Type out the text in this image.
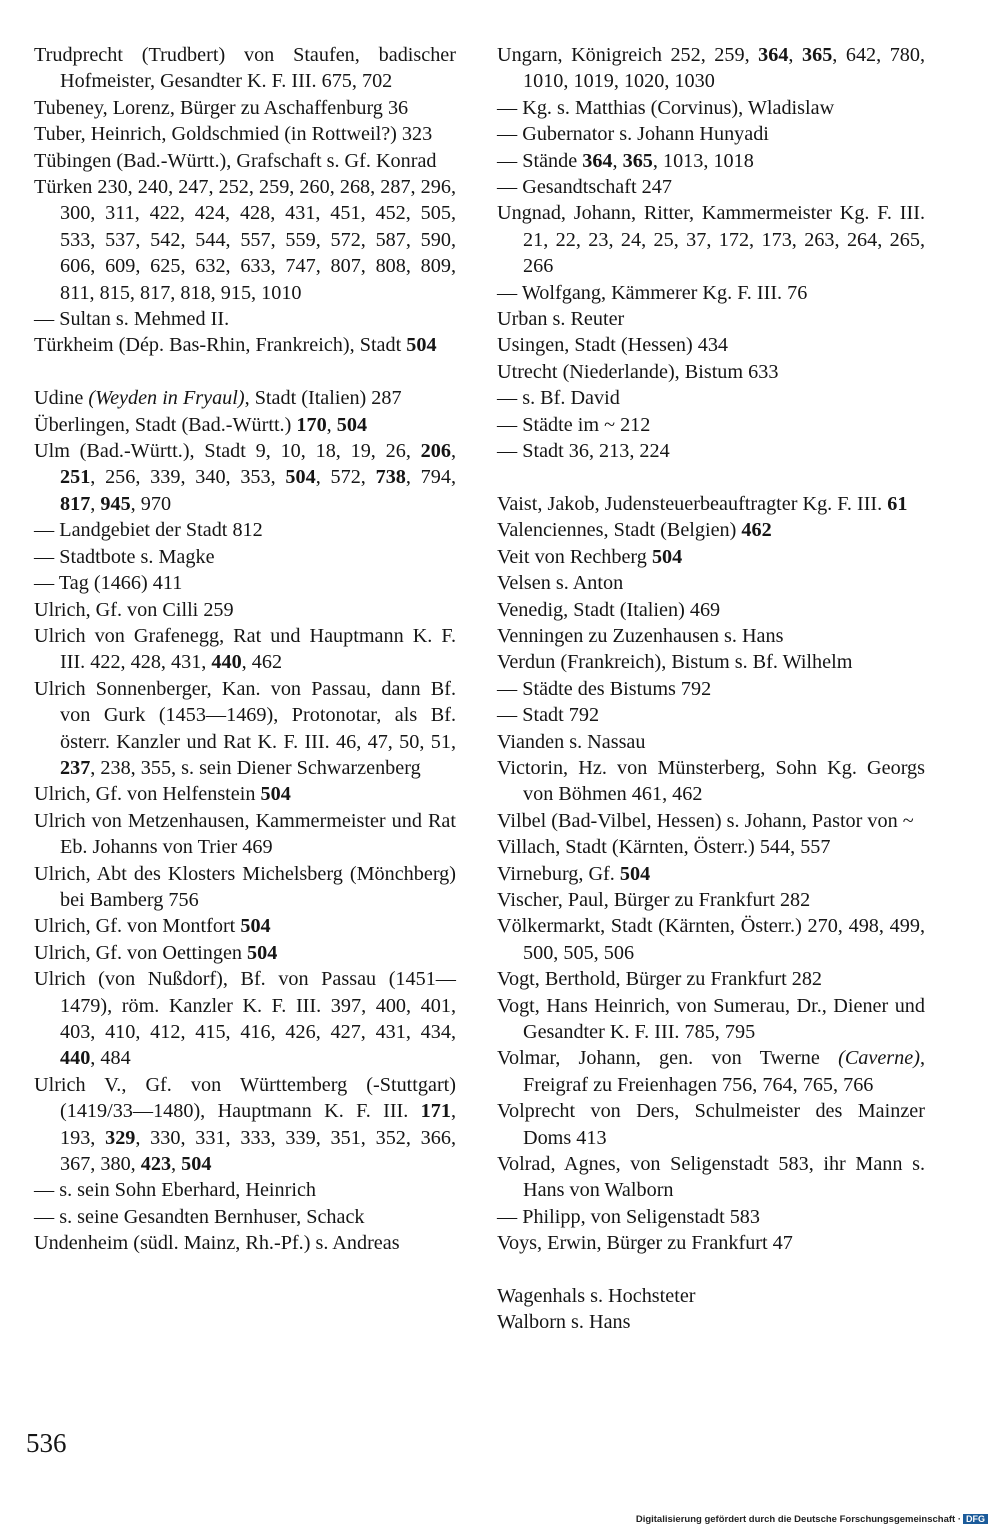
Trudprecht (Trudbert) von Staufen, badischer Hofmeister, Gesandter K. F. III. 675, 702
Tubeney, Lorenz, Bürger zu Aschaffenburg 36
Tuber, Heinrich, Goldschmied (in Rottweil?) 323
Tübingen (Bad.-Württ.), Grafschaft s. Gf. Konrad
Türken 230, 240, 247, 252, 259, 260, 268, 287, 296, 300, 311, 422, 424, 428, 431, 451, 452, 505, 533, 537, 542, 544, 557, 559, 572, 587, 590, 606, 609, 625, 632, 633, 747, 807, 808, 809, 811, 815, 817, 818, 915, 1010
— Sultan s. Mehmed II.
Türkheim (Dép. Bas-Rhin, Frankreich), Stadt 504
Udine (Weyden in Fryaul), Stadt (Italien) 287
Überlingen, Stadt (Bad.-Württ.) 170, 504
Ulm (Bad.-Württ.), Stadt 9, 10, 18, 19, 26, 206, 251, 256, 339, 340, 353, 504, 572, 738, 794, 817, 945, 970
— Landgebiet der Stadt 812
— Stadtbote s. Magke
— Tag (1466) 411
Ulrich, Gf. von Cilli 259
Ulrich von Grafenegg, Rat und Hauptmann K. F. III. 422, 428, 431, 440, 462
Ulrich Sonnenberger, Kan. von Passau, dann Bf. von Gurk (1453—1469), Protonotar, als Bf. österr. Kanzler und Rat K. F. III. 46, 47, 50, 51, 237, 238, 355, s. sein Diener Schwarzenberg
Ulrich, Gf. von Helfenstein 504
Ulrich von Metzenhausen, Kammermeister und Rat Eb. Johanns von Trier 469
Ulrich, Abt des Klosters Michelsberg (Mönchberg) bei Bamberg 756
Ulrich, Gf. von Montfort 504
Ulrich, Gf. von Oettingen 504
Ulrich (von Nußdorf), Bf. von Passau (1451—1479), röm. Kanzler K. F. III. 397, 400, 401, 403, 410, 412, 415, 416, 426, 427, 431, 434, 440, 484
Ulrich V., Gf. von Württemberg (-Stuttgart) (1419/33—1480), Hauptmann K. F. III. 171, 193, 329, 330, 331, 333, 339, 351, 352, 366, 367, 380, 423, 504
— s. sein Sohn Eberhard, Heinrich
— s. seine Gesandten Bernhuser, Schack
Undenheim (südl. Mainz, Rh.-Pf.) s. Andreas
Ungarn, Königreich 252, 259, 364, 365, 642, 780, 1010, 1019, 1020, 1030
— Kg. s. Matthias (Corvinus), Wladislaw
— Gubernator s. Johann Hunyadi
— Stände 364, 365, 1013, 1018
— Gesandtschaft 247
Ungnad, Johann, Ritter, Kammermeister Kg. F. III. 21, 22, 23, 24, 25, 37, 172, 173, 263, 264, 265, 266
— Wolfgang, Kämmerer Kg. F. III. 76
Urban s. Reuter
Usingen, Stadt (Hessen) 434
Utrecht (Niederlande), Bistum 633
— s. Bf. David
— Städte im ~ 212
— Stadt 36, 213, 224
Vaist, Jakob, Judensteuerbeauftragter Kg. F. III. 61
Valenciennes, Stadt (Belgien) 462
Veit von Rechberg 504
Velsen s. Anton
Venedig, Stadt (Italien) 469
Venningen zu Zuzenhausen s. Hans
Verdun (Frankreich), Bistum s. Bf. Wilhelm
— Städte des Bistums 792
— Stadt 792
Vianden s. Nassau
Victorin, Hz. von Münsterberg, Sohn Kg. Georgs von Böhmen 461, 462
Vilbel (Bad-Vilbel, Hessen) s. Johann, Pastor von ~
Villach, Stadt (Kärnten, Österr.) 544, 557
Virneburg, Gf. 504
Vischer, Paul, Bürger zu Frankfurt 282
Völkermarkt, Stadt (Kärnten, Österr.) 270, 498, 499, 500, 505, 506
Vogt, Berthold, Bürger zu Frankfurt 282
Vogt, Hans Heinrich, von Sumerau, Dr., Diener und Gesandter K. F. III. 785, 795
Volmar, Johann, gen. von Twerne (Caverne), Freigraf zu Freienhagen 756, 764, 765, 766
Volprecht von Ders, Schulmeister des Mainzer Doms 413
Volrad, Agnes, von Seligenstadt 583, ihr Mann s. Hans von Walborn
— Philipp, von Seligenstadt 583
Voys, Erwin, Bürger zu Frankfurt 47
Wagenhals s. Hochsteter
Walborn s. Hans
536
Digitalisierung gefördert durch die Deutsche Forschungsgemeinschaft · DFG
